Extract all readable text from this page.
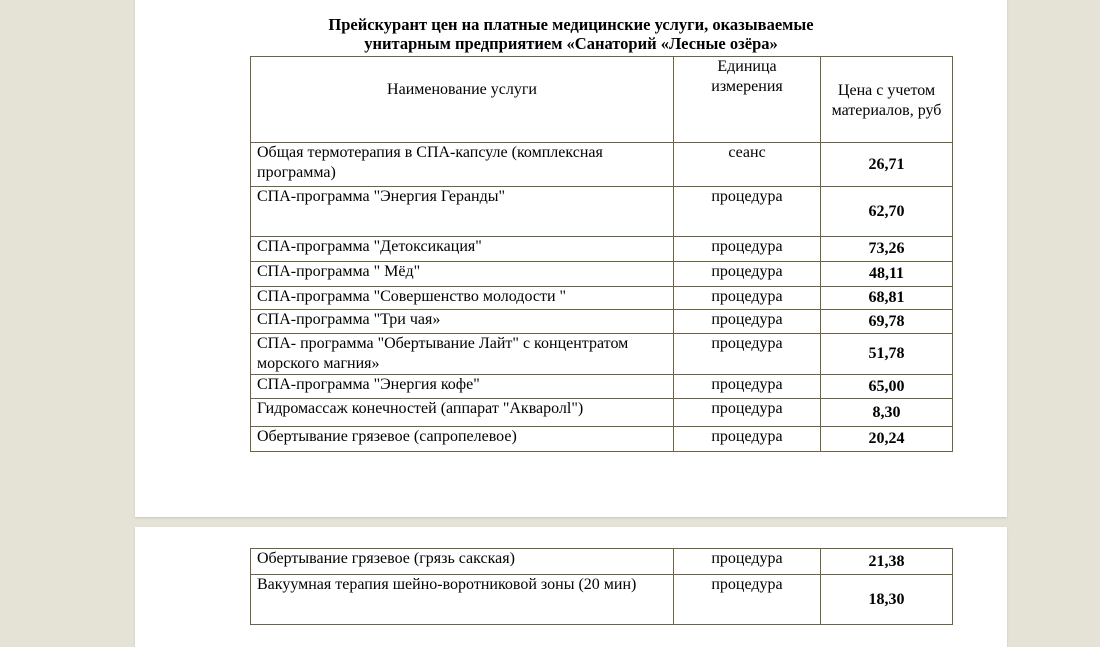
Прейскурант цен на платные медицинские услуги, оказываемые
унитарным предприятием «Санаторий «Лесные озёра»
Наименование услуги	Единица измерения	Цена с учетом материалов, руб
Общая термотерапия в СПА-капсуле (комплексная программа)	сеанс	26,71
СПА-программа "Энергия Геранды"	процедура	62,70
СПА-программа "Детоксикация"	процедура	73,26
СПА-программа " Мёд"	процедура	48,11
СПА-программа "Совершенство молодости "	процедура	68,81
СПА-программа "Три чая»	процедура	69,78
СПА- программа "Обертывание Лайт" с концентратом морского магния»	процедура	51,78
СПА-программа "Энергия кофе"	процедура	65,00
Гидромассаж конечностей (аппарат "Акваролl")	процедура	8,30
Обертывание грязевое (сапропелевое)	процедура	20,24
Обертывание грязевое (грязь сакская)	процедура	21,38
Вакуумная терапия шейно-воротниковой зоны (20 мин)	процедура	18,30
